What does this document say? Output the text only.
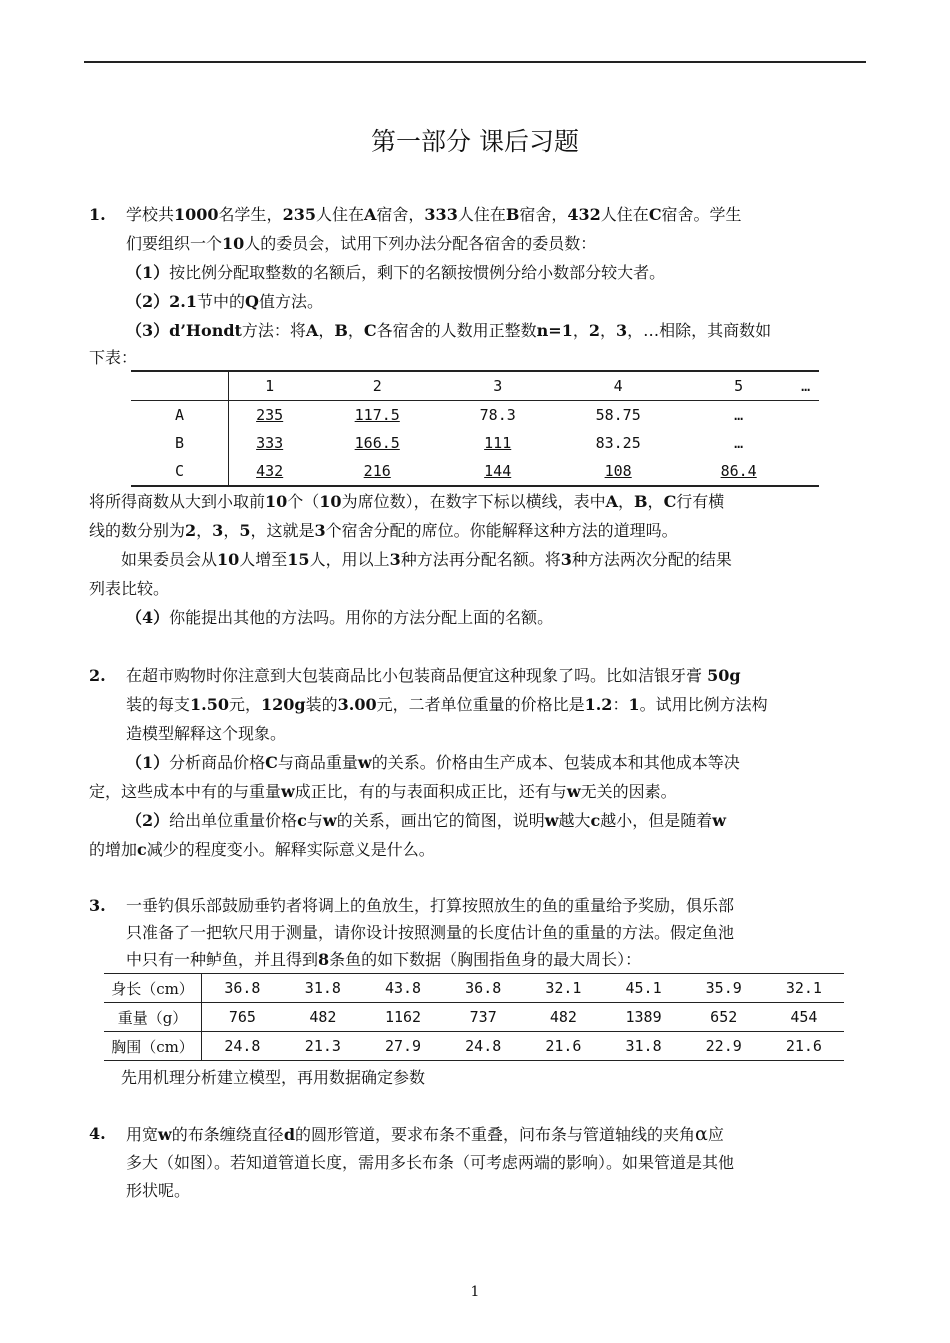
第一部分 课后习题
1. 学校共1000名学生，235人住在A宿舍，333人住在B宿舍，432人住在C宿舍。学生
们要组织一个10人的委员会，试用下列办法分配各宿舍的委员数：
（1）按比例分配取整数的名额后，剩下的名额按惯例分给小数部分较大者。
（2）2.1节中的Q值方法。
（3）d’Hondt方法：将A，B，C各宿舍的人数用正整数n=1，2，3，…相除，其商数如
下表：
	1	2	3	4	5	…
A	235	117.5	78.3	58.75	…	
B	333	166.5	111	83.25	…	
C	432	216	144	108	86.4	
将所得商数从大到小取前10个（10为席位数），在数字下标以横线，表中A，B，C行有横
线的数分别为2，3，5，这就是3个宿舍分配的席位。你能解释这种方法的道理吗。
如果委员会从10人增至15人，用以上3种方法再分配名额。将3种方法两次分配的结果
列表比较。
（4）你能提出其他的方法吗。用你的方法分配上面的名额。
2. 在超市购物时你注意到大包装商品比小包装商品便宜这种现象了吗。比如洁银牙膏 50g
装的每支1.50元，120g装的3.00元，二者单位重量的价格比是1.2：1。试用比例方法构
造模型解释这个现象。
（1）分析商品价格C与商品重量w的关系。价格由生产成本、包装成本和其他成本等决
定，这些成本中有的与重量w成正比，有的与表面积成正比，还有与w无关的因素。
（2）给出单位重量价格c与w的关系，画出它的简图，说明w越大c越小，但是随着w
的增加c减少的程度变小。解释实际意义是什么。
3. 一垂钓俱乐部鼓励垂钓者将调上的鱼放生，打算按照放生的鱼的重量给予奖励，俱乐部
只准备了一把软尺用于测量，请你设计按照测量的长度估计鱼的重量的方法。假定鱼池
中只有一种鲈鱼，并且得到8条鱼的如下数据（胸围指鱼身的最大周长）：
身长（cm）	36.8	31.8	43.8	36.8	32.1	45.1	35.9	32.1
重量（g）	765	482	1162	737	482	1389	652	454
胸围（cm）	24.8	21.3	27.9	24.8	21.6	31.8	22.9	21.6
先用机理分析建立模型，再用数据确定参数
4. 用宽w的布条缠绕直径d的圆形管道，要求布条不重叠，问布条与管道轴线的夹角α应
多大（如图）。若知道管道长度，需用多长布条（可考虑两端的影响）。如果管道是其他
形状呢。
1
